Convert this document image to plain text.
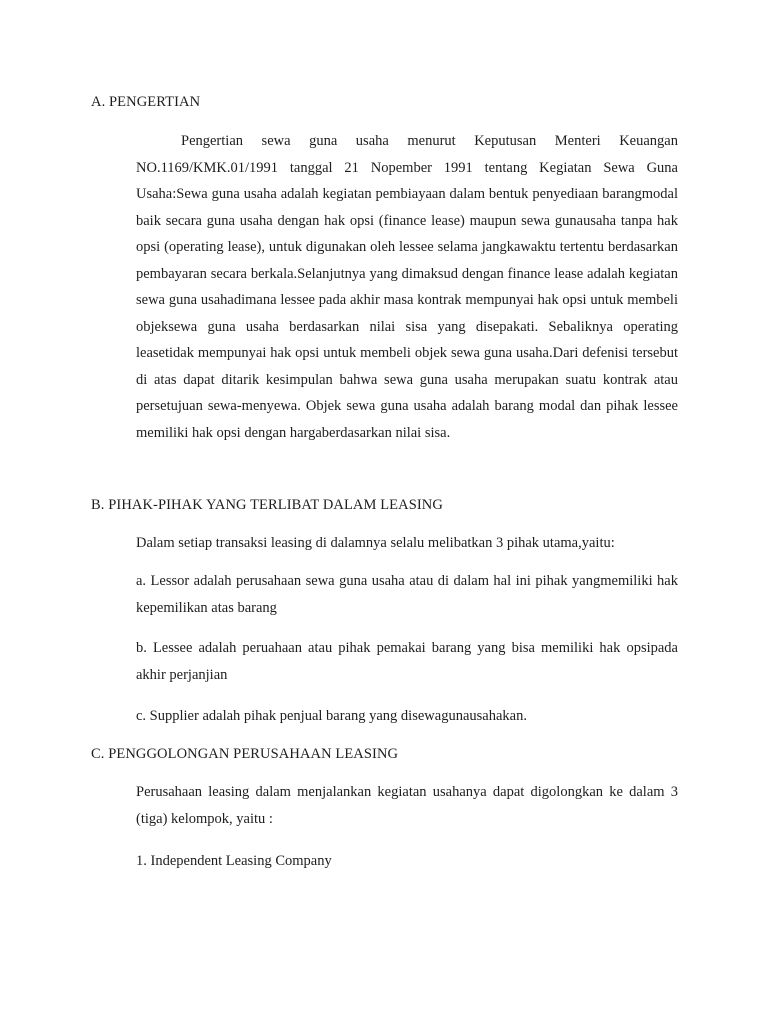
A. PENGERTIAN
Pengertian sewa guna usaha menurut Keputusan Menteri Keuangan NO.1169/KMK.01/1991 tanggal 21 Nopember 1991 tentang Kegiatan Sewa Guna Usaha:Sewa guna usaha adalah kegiatan pembiayaan dalam bentuk penyediaan barangmodal baik secara guna usaha dengan hak opsi (finance lease) maupun sewa gunausaha tanpa hak opsi (operating lease), untuk digunakan oleh lessee selama jangkawaktu tertentu berdasarkan pembayaran secara berkala.Selanjutnya yang dimaksud dengan finance lease adalah kegiatan sewa guna usahadimana lessee pada akhir masa kontrak mempunyai hak opsi untuk membeli objeksewa guna usaha berdasarkan nilai sisa yang disepakati. Sebaliknya operating leasetidak mempunyai hak opsi untuk membeli objek sewa guna usaha.Dari defenisi tersebut di atas dapat ditarik kesimpulan bahwa sewa guna usaha merupakan suatu kontrak atau persetujuan sewa-menyewa. Objek sewa guna usaha adalah barang modal dan pihak lessee memiliki hak opsi dengan hargaberdasarkan nilai sisa.
B. PIHAK-PIHAK YANG TERLIBAT DALAM LEASING
Dalam setiap transaksi leasing di dalamnya selalu melibatkan 3 pihak utama,yaitu:
a. Lessor adalah perusahaan sewa guna usaha atau di dalam hal ini pihak yangmemiliki hak kepemilikan atas barang
b. Lessee adalah peruahaan atau pihak pemakai barang yang bisa memiliki hak opsipada akhir perjanjian
c. Supplier adalah pihak penjual barang yang disewagunausahakan.
C. PENGGOLONGAN PERUSAHAAN LEASING
Perusahaan leasing dalam menjalankan kegiatan usahanya dapat digolongkan ke dalam 3 (tiga) kelompok, yaitu :
1. Independent Leasing Company
